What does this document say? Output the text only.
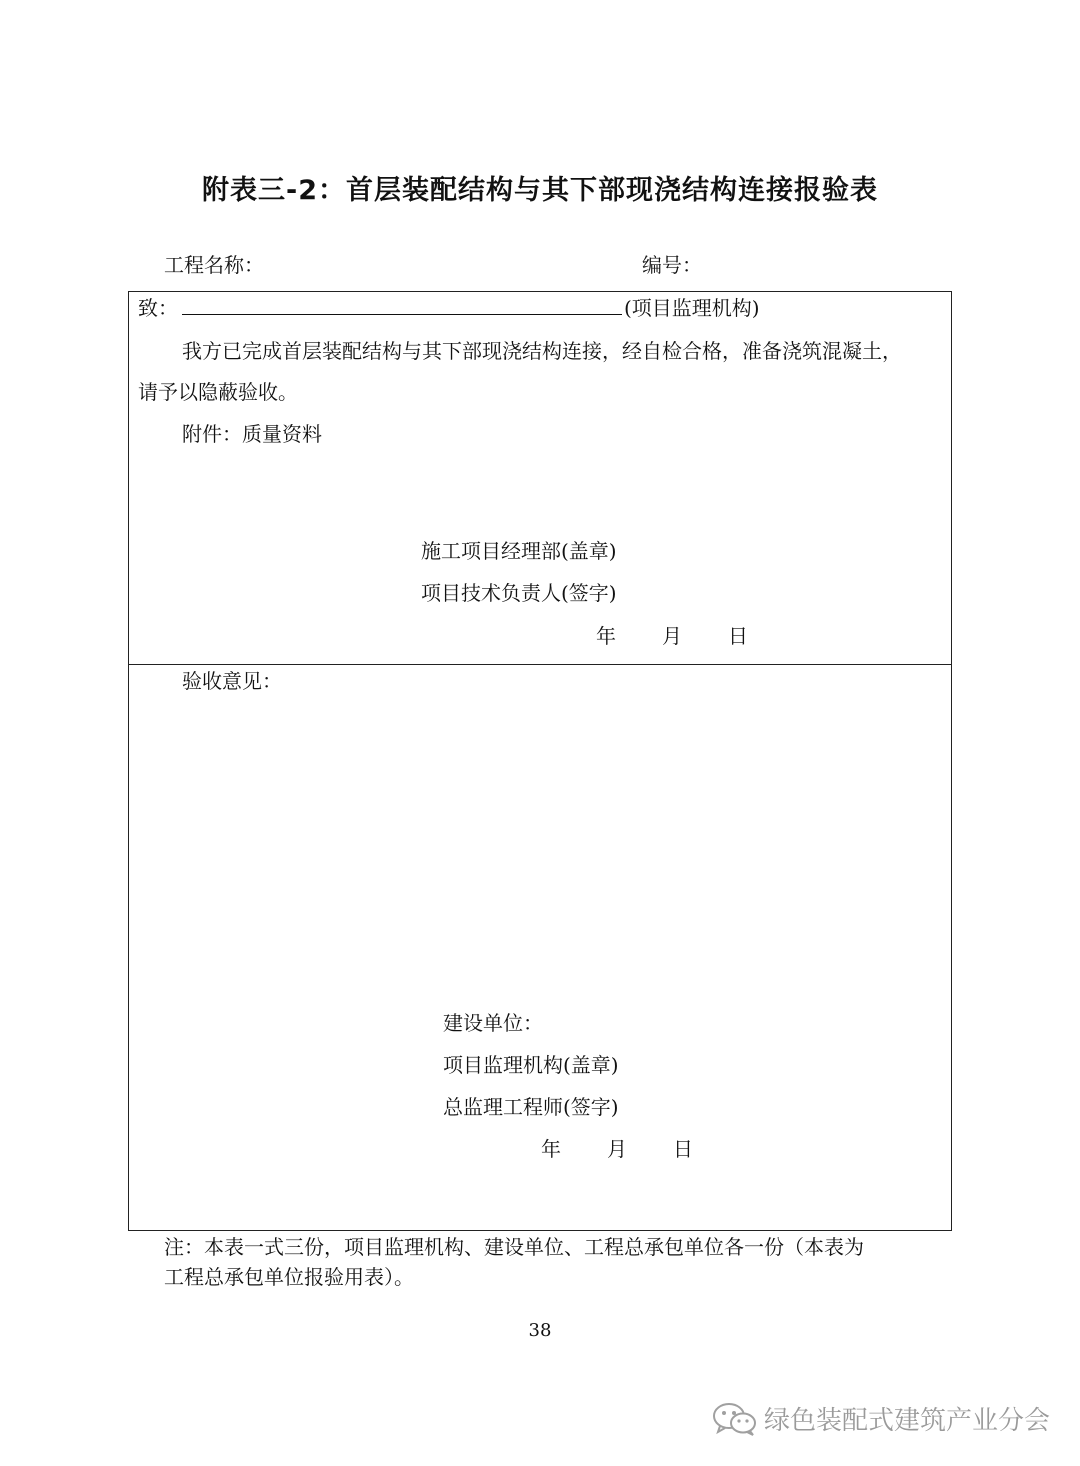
附表三-2：首层装配结构与其下部现浇结构连接报验表
工程名称：	编号：
致：	(项目监理机构)
我方已完成首层装配结构与其下部现浇结构连接，经自检合格，准备浇筑混凝土，
请予以隐蔽验收。
附件：质量资料
施工项目经理部(盖章)
项目技术负责人(签字)
年 月 日
验收意见：
建设单位：
项目监理机构(盖章)
总监理工程师(签字)
年 月 日
注：本表一式三份，项目监理机构、建设单位、工程总承包单位各一份（本表为
工程总承包单位报验用表）。
38
绿色装配式建筑产业分会
